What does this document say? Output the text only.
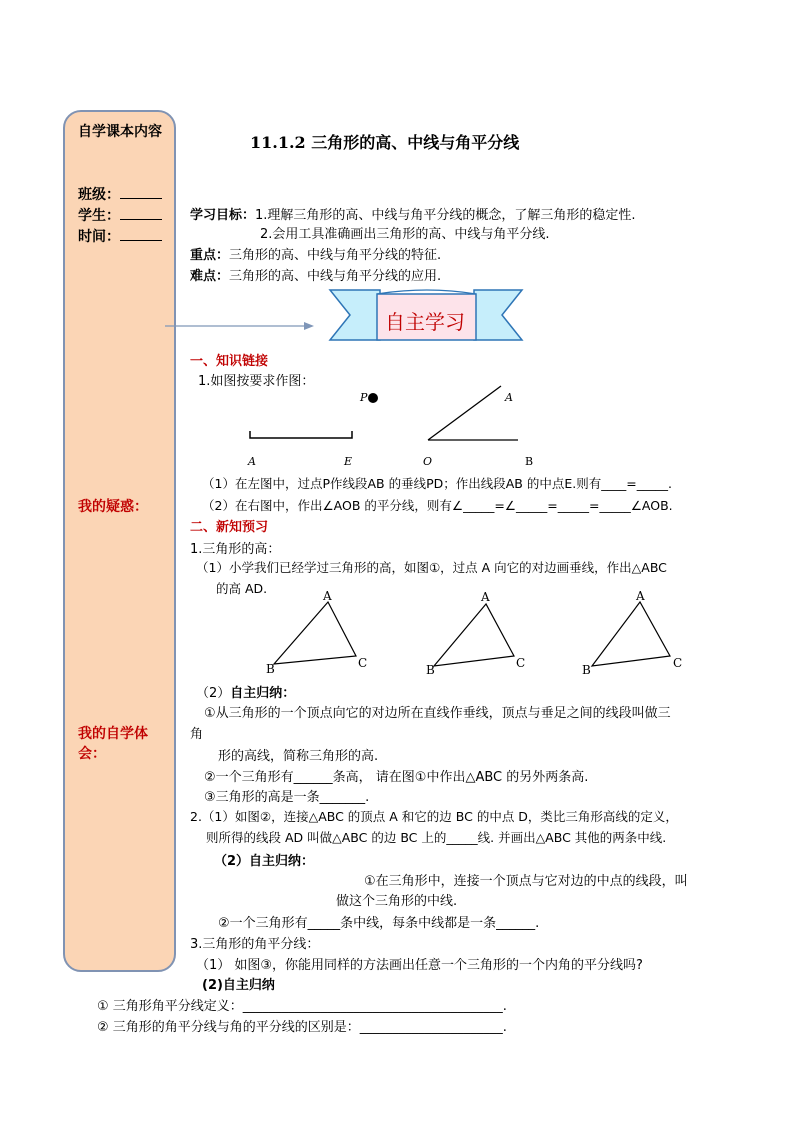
自学课本内容
班级：
学生：
时间：
我的疑惑：
我的自学体会：
11.1.2 三角形的高、中线与角平分线
学习目标：1.理解三角形的高、中线与角平分线的概念，了解三角形的稳定性.
2.会用工具准确画出三角形的高、中线与角平分线.
重点：三角形的高、中线与角平分线的特征.
难点：三角形的高、中线与角平分线的应用.
自主学习
一、知识链接
1.如图按要求作图：
P
A	E
A
O	B
（1）在左图中，过点P作线段AB 的垂线PD；作出线段AB 的中点E.则有____=_____.
（2）在右图中，作出∠AOB 的平分线，则有∠_____=∠_____=_____=_____∠AOB.
二、新知预习
1.三角形的高：
（1）小学我们已经学过三角形的高，如图①，过点 A 向它的对边画垂线，作出△ABC
的高 AD.	A
B	C
A
B	C
A
B	C
（2）自主归纳：
①从三角形的一个顶点向它的对边所在直线作垂线，顶点与垂足之间的线段叫做三
角
形的高线，简称三角形的高.
②一个三角形有______条高， 请在图①中作出△ABC 的另外两条高.
③三角形的高是一条_______.
2.（1）如图②，连接△ABC 的顶点 A 和它的边 BC 的中点 D，类比三角形高线的定义，
则所得的线段 AD 叫做△ABC 的边 BC 上的_____线. 并画出△ABC 其他的两条中线.
（2）自主归纳：
①在三角形中，连接一个顶点与它对边的中点的线段，叫
做这个三角形的中线.
②一个三角形有_____条中线，每条中线都是一条______.
3.三角形的角平分线：
（1） 如图③，你能用同样的方法画出任意一个三角形的一个内角的平分线吗?
(2)自主归纳
① 三角形角平分线定义：________________________________________.
② 三角形的角平分线与角的平分线的区别是：______________________.
